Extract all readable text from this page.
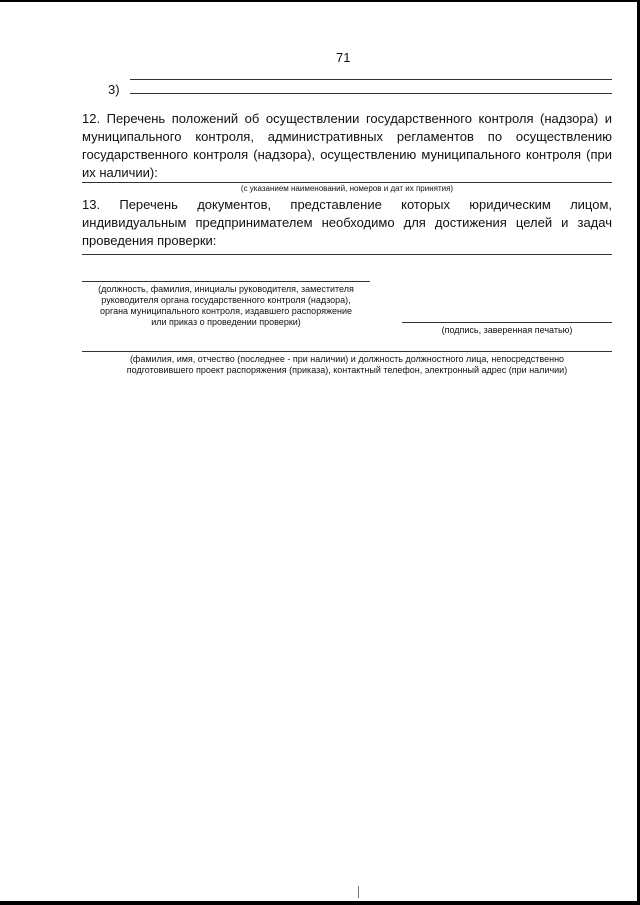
71
3)
12. Перечень положений об осуществлении государственного контроля (надзора) и муниципального контроля, административных регламентов по осуществлению государственного контроля (надзора), осуществлению муниципального контроля (при их наличии):
(с указанием наименований, номеров и дат их принятия)
13. Перечень документов, представление которых юридическим лицом, индивидуальным предпринимателем необходимо для достижения целей и задач проведения проверки:
(должность, фамилия, инициалы руководителя, заместителя
руководителя органа государственного контроля (надзора),
органа муниципального контроля, издавшего распоряжение
или приказ о проведении проверки)
(подпись, заверенная печатью)
(фамилия, имя, отчество (последнее - при наличии) и должность должностного лица, непосредственно
подготовившего проект распоряжения (приказа), контактный телефон, электронный адрес (при наличии)
